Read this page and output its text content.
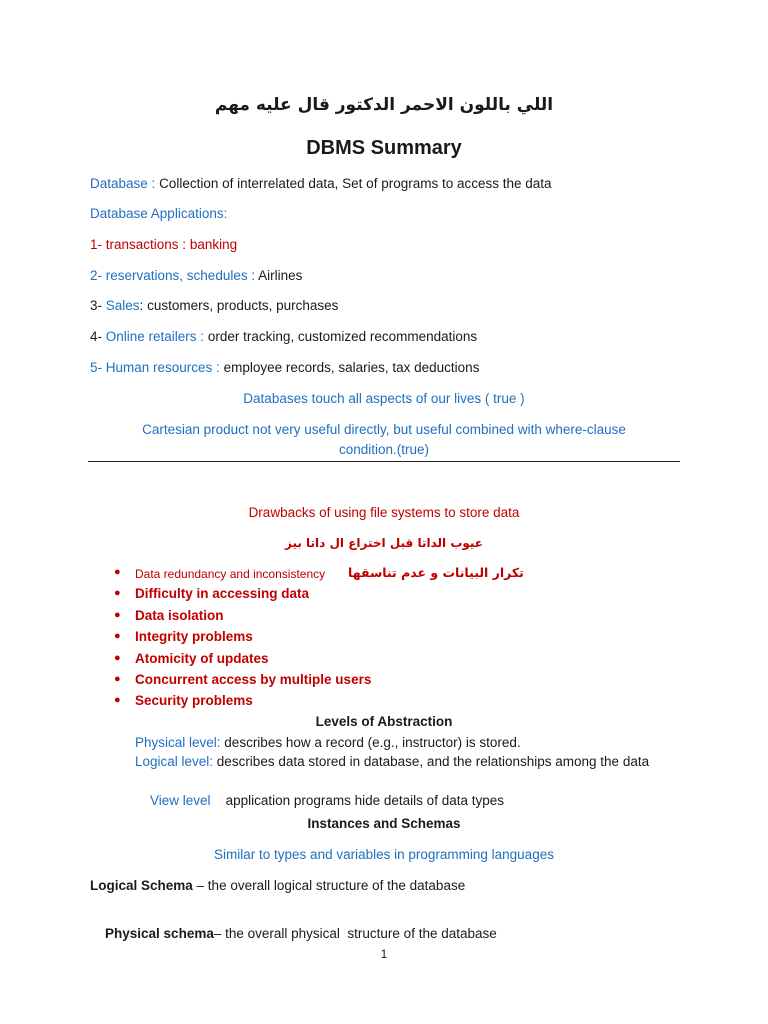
اللي باللون الاحمر الدكتور قال عليه مهم
DBMS Summary
Database : Collection of interrelated data, Set of programs to access the data
Database Applications:
1- transactions : banking
2- reservations, schedules : Airlines
3- Sales: customers, products, purchases
4- Online retailers : order tracking, customized recommendations
5- Human resources : employee records, salaries, tax deductions
Databases touch all aspects of our lives ( true )
Cartesian product not very useful directly, but useful combined with where-clause
condition.(true)
Drawbacks of using file systems to store data
عيوب الداتا قبل اختراع ال داتا بيز
● Data redundancy and inconsistency تكرار البيانات و عدم تناسقها
● Difficulty in accessing data
● Data isolation
● Integrity problems
● Atomicity of updates
● Concurrent access by multiple users
● Security problems
Levels of Abstraction
Physical level: describes how a record (e.g., instructor) is stored.
Logical level: describes data stored in database, and the relationships among the data

View level    application programs hide details of data types

Instances and Schemas
Similar to types and variables in programming languages
Logical Schema – the overall logical structure of the database

Physical schema– the overall physical  structure of the database

1
